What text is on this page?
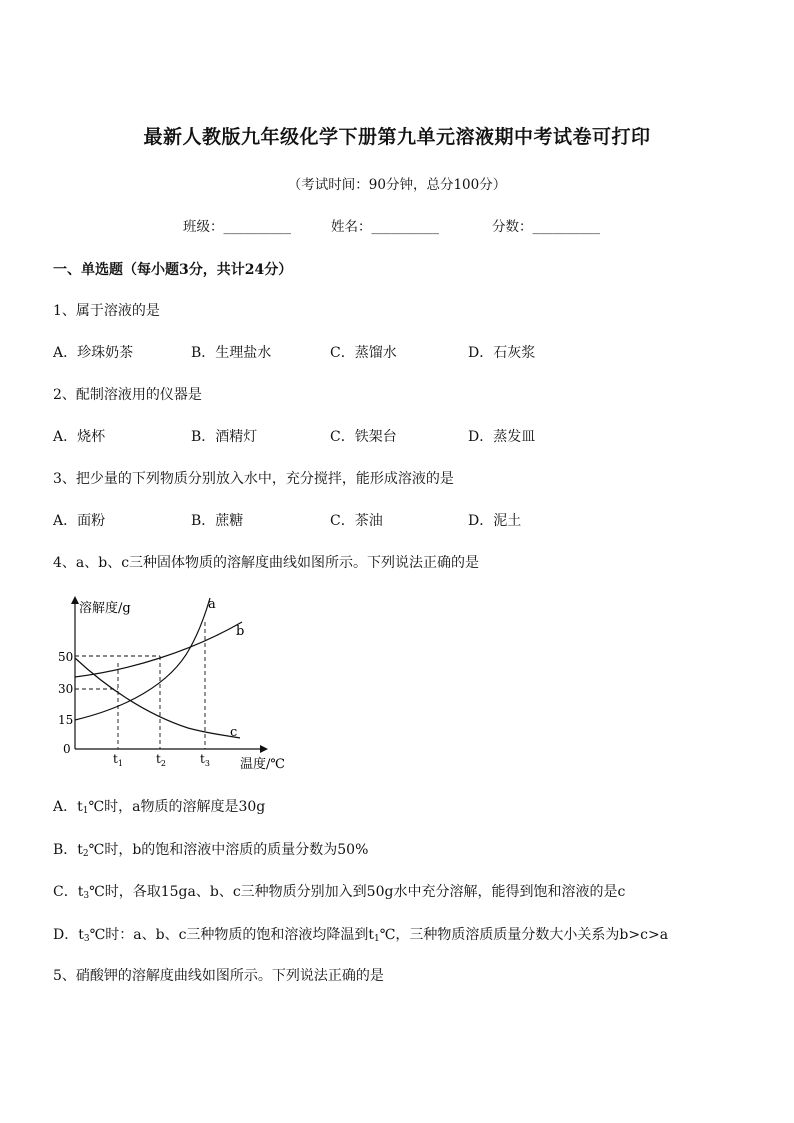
最新人教版九年级化学下册第九单元溶液期中考试卷可打印
（考试时间：90分钟，总分100分）
班级：__________	姓名：__________	分数：__________
一、单选题（每小题3分，共计24分）
1、属于溶液的是
A．珍珠奶茶	B．生理盐水	C．蒸馏水	D．石灰浆
2、配制溶液用的仪器是
A．烧杯	B．酒精灯	C．铁架台	D．蒸发皿
3、把少量的下列物质分别放入水中，充分搅拌，能形成溶液的是
A．面粉	B．蔗糖	C．茶油	D．泥土
4、a、b、c三种固体物质的溶解度曲线如图所示。下列说法正确的是
溶解度/g
温度/℃
50
30
15
0
$t_1$	$t_2$	$t_3$
a
b
c
A．$t_1℃$时，a物质的溶解度是30g
B．$t_2℃$时，b的饱和溶液中溶质的质量分数为50%
C．$t_3℃$时，各取15ga、b、c三种物质分别加入到50g水中充分溶解，能得到饱和溶液的是c
D．$t_3℃$时：a、b、c三种物质的饱和溶液均降温到$t_1℃$，三种物质溶质质量分数大小关系为b>c>a
5、硝酸钾的溶解度曲线如图所示。下列说法正确的是
